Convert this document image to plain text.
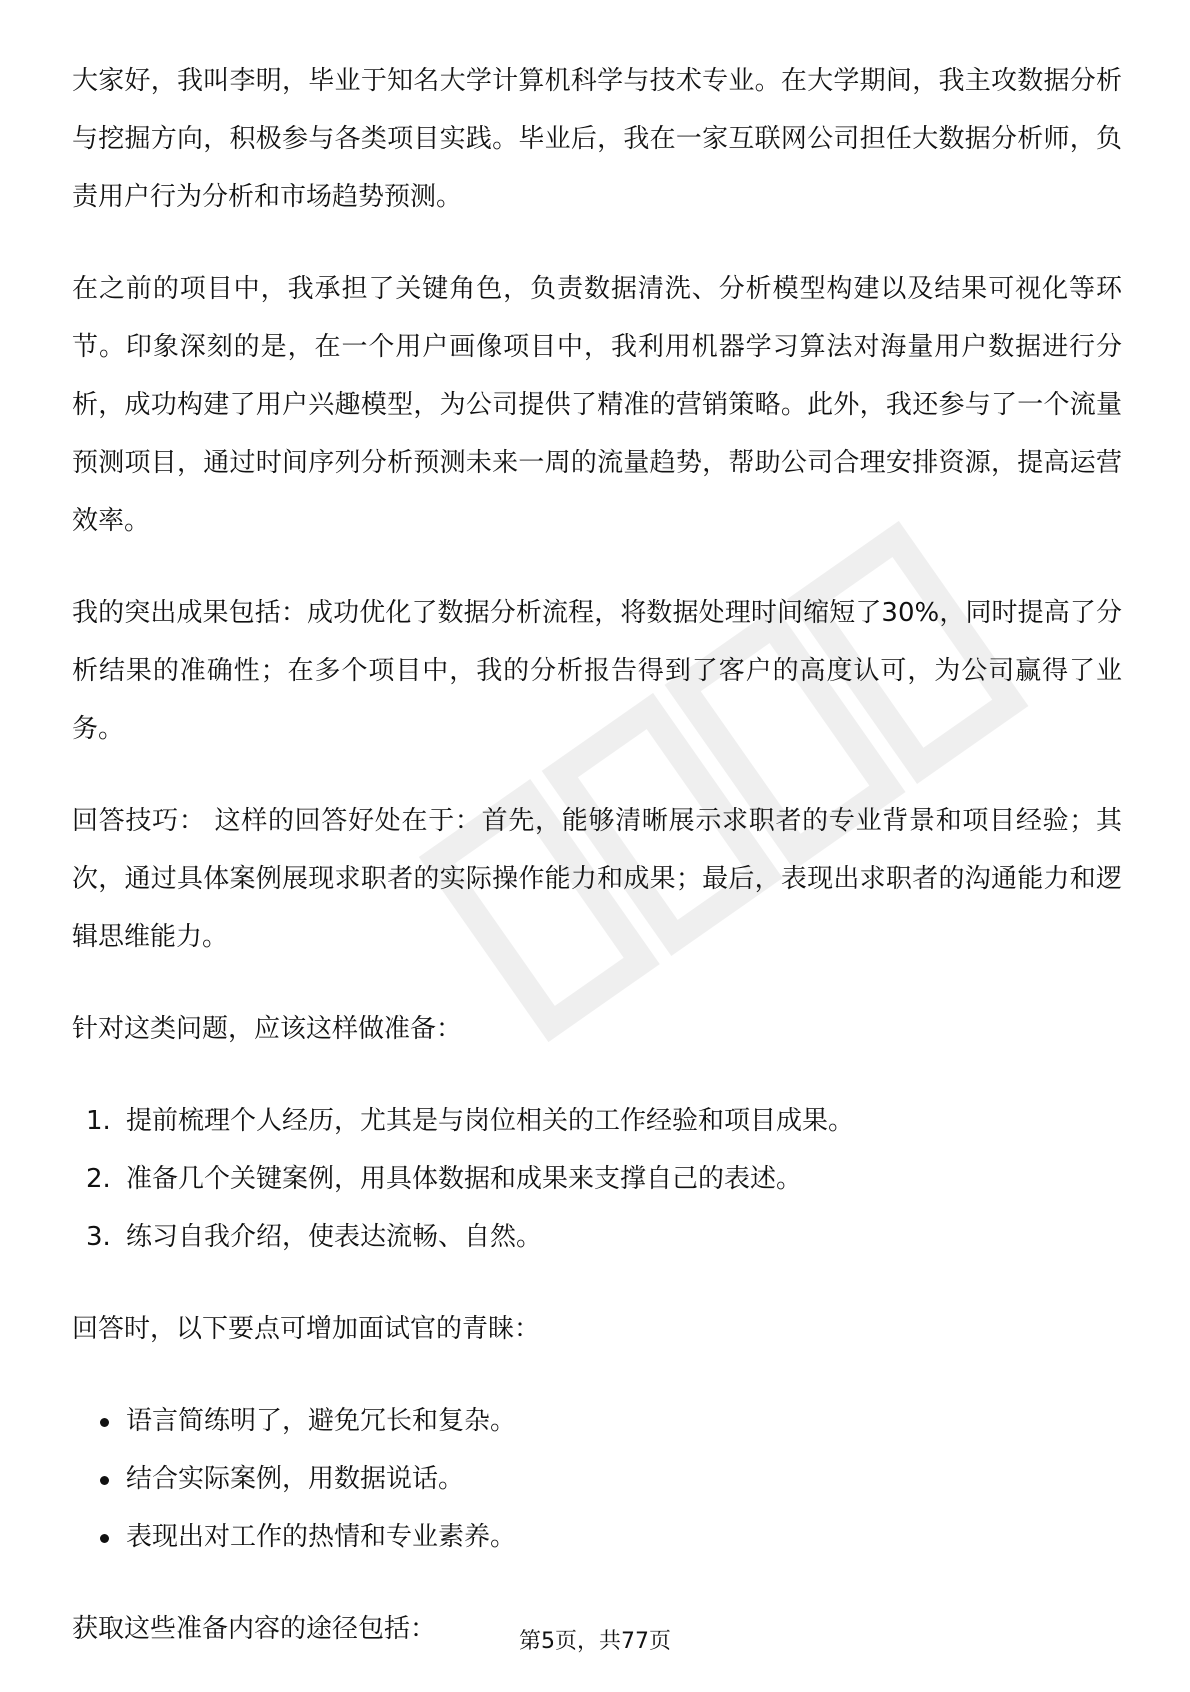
大家好，我叫李明，毕业于知名大学计算机科学与技术专业。在大学期间，我主攻数据分析与挖掘方向，积极参与各类项目实践。毕业后，我在一家互联网公司担任大数据分析师，负责用户行为分析和市场趋势预测。

在之前的项目中，我承担了关键角色，负责数据清洗、分析模型构建以及结果可视化等环节。印象深刻的是，在一个用户画像项目中，我利用机器学习算法对海量用户数据进行分析，成功构建了用户兴趣模型，为公司提供了精准的营销策略。此外，我还参与了一个流量预测项目，通过时间序列分析预测未来一周的流量趋势，帮助公司合理安排资源，提高运营效率。

我的突出成果包括：成功优化了数据分析流程，将数据处理时间缩短了30%，同时提高了分析结果的准确性；在多个项目中，我的分析报告得到了客户的高度认可，为公司赢得了业务。

回答技巧： 这样的回答好处在于：首先，能够清晰展示求职者的专业背景和项目经验；其次，通过具体案例展现求职者的实际操作能力和成果；最后，表现出求职者的沟通能力和逻辑思维能力。

针对这类问题，应该这样做准备：

1. 提前梳理个人经历，尤其是与岗位相关的工作经验和项目成果。
2. 准备几个关键案例，用具体数据和成果来支撑自己的表述。
3. 练习自我介绍，使表达流畅、自然。

回答时，以下要点可增加面试官的青睐：

语言简练明了，避免冗长和复杂。
结合实际案例，用数据说话。
表现出对工作的热情和专业素养。

获取这些准备内容的途径包括：	第5页，共77页
